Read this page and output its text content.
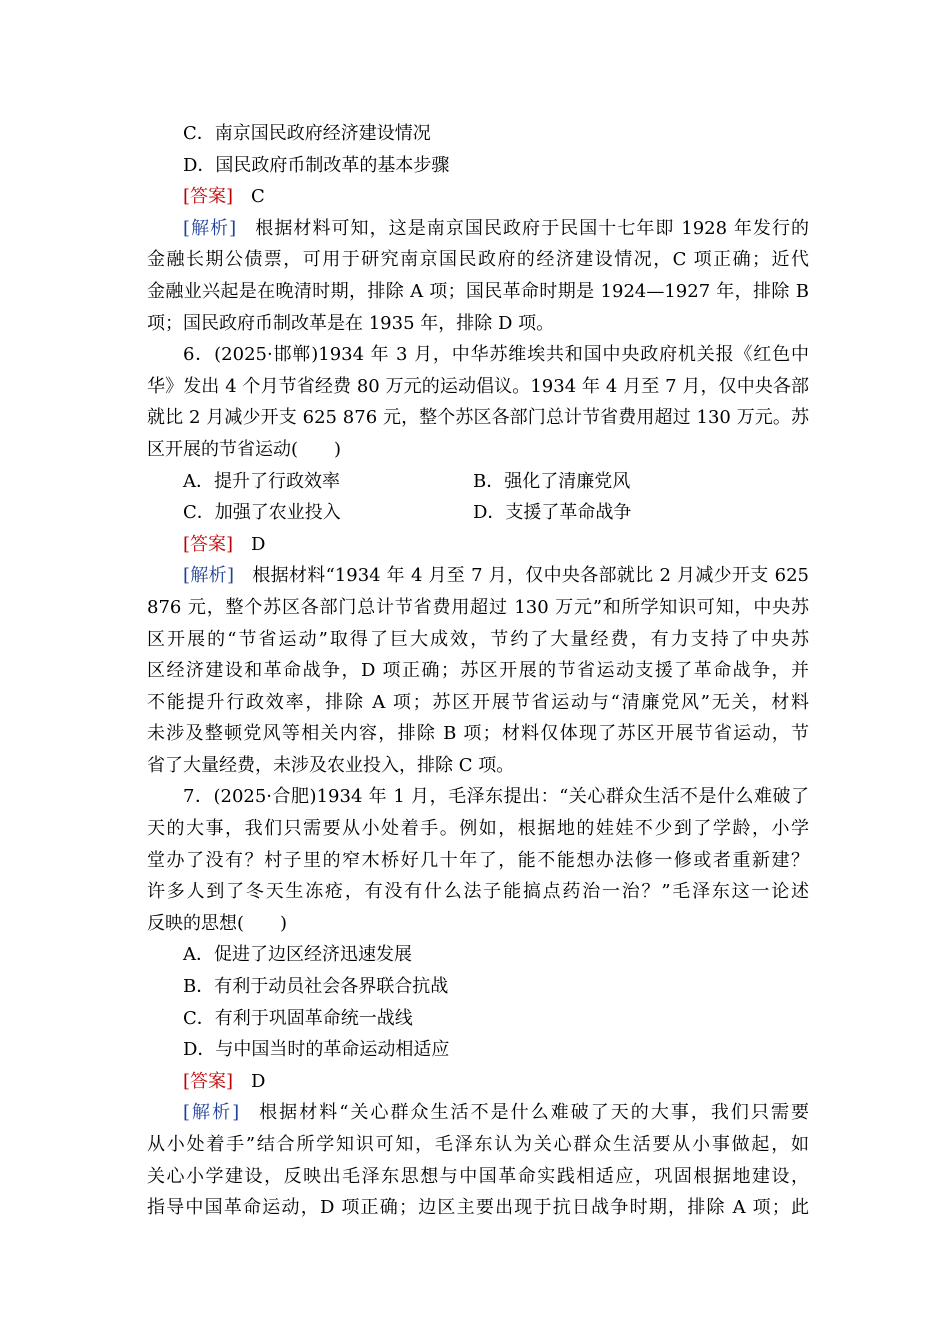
C．南京国民政府经济建设情况
D．国民政府币制改革的基本步骤
[答案] C
[解析] 根据材料可知，这是南京国民政府于民国十七年即 1928 年发行的
金融长期公债票，可用于研究南京国民政府的经济建设情况，C 项正确；近代
金融业兴起是在晚清时期，排除 A 项；国民革命时期是 1924—1927 年，排除 B
项；国民政府币制改革是在 1935 年，排除 D 项。
6．(2025·邯郸)1934 年 3 月，中华苏维埃共和国中央政府机关报《红色中
华》发出 4 个月节省经费 80 万元的运动倡议。1934 年 4 月至 7 月，仅中央各部
就比 2 月减少开支 625 876 元，整个苏区各部门总计节省费用超过 130 万元。苏
区开展的节省运动(　　)
A．提升了行政效率	B．强化了清廉党风
C．加强了农业投入	D．支援了革命战争
[答案] D
[解析] 根据材料“1934 年 4 月至 7 月，仅中央各部就比 2 月减少开支 625
876 元，整个苏区各部门总计节省费用超过 130 万元”和所学知识可知，中央苏
区开展的“节省运动”取得了巨大成效，节约了大量经费，有力支持了中央苏
区经济建设和革命战争，D 项正确；苏区开展的节省运动支援了革命战争，并
不能提升行政效率，排除 A 项；苏区开展节省运动与“清廉党风”无关，材料
未涉及整顿党风等相关内容，排除 B 项；材料仅体现了苏区开展节省运动，节
省了大量经费，未涉及农业投入，排除 C 项。
7．(2025·合肥)1934 年 1 月，毛泽东提出：“关心群众生活不是什么难破了
天的大事，我们只需要从小处着手。例如，根据地的娃娃不少到了学龄，小学
堂办了没有？村子里的窄木桥好几十年了，能不能想办法修一修或者重新建？
许多人到了冬天生冻疮，有没有什么法子能搞点药治一治？”毛泽东这一论述
反映的思想(　　)
A．促进了边区经济迅速发展
B．有利于动员社会各界联合抗战
C．有利于巩固革命统一战线
D．与中国当时的革命运动相适应
[答案] D
[解析] 根据材料“关心群众生活不是什么难破了天的大事，我们只需要
从小处着手”结合所学知识可知，毛泽东认为关心群众生活要从小事做起，如
关心小学建设，反映出毛泽东思想与中国革命实践相适应，巩固根据地建设，
指导中国革命运动，D 项正确；边区主要出现于抗日战争时期，排除 A 项；此
